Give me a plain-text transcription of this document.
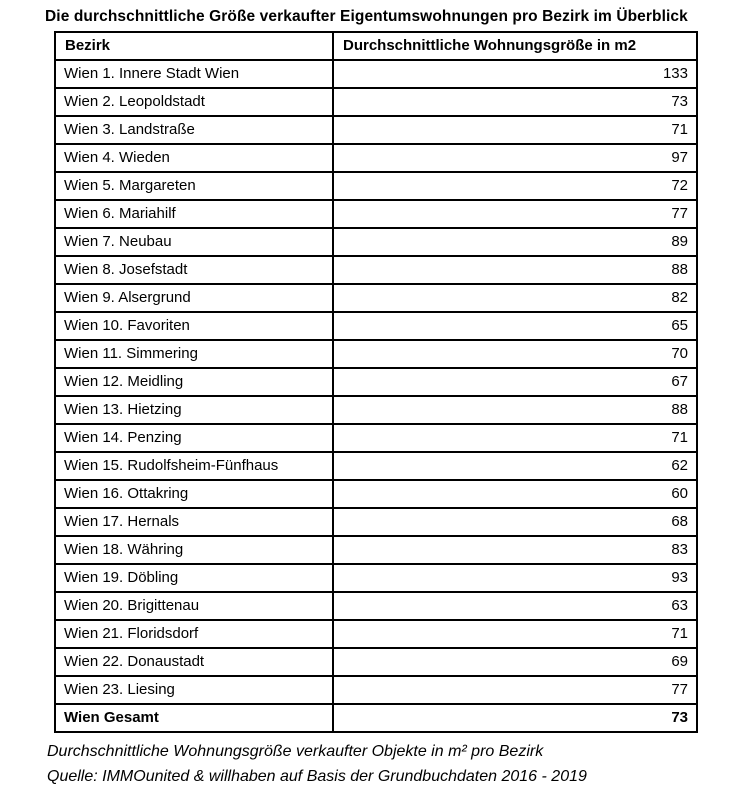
Die durchschnittliche Größe verkaufter Eigentumswohnungen pro Bezirk im Überblick
Bezirk	Durchschnittliche Wohnungsgröße in m2
Wien 1. Innere Stadt Wien	133
Wien 2. Leopoldstadt	73
Wien 3. Landstraße	71
Wien 4. Wieden	97
Wien 5. Margareten	72
Wien 6. Mariahilf	77
Wien 7. Neubau	89
Wien 8. Josefstadt	88
Wien 9. Alsergrund	82
Wien 10. Favoriten	65
Wien 11. Simmering	70
Wien 12. Meidling	67
Wien 13. Hietzing	88
Wien 14. Penzing	71
Wien 15. Rudolfsheim-Fünfhaus	62
Wien 16. Ottakring	60
Wien 17. Hernals	68
Wien 18. Währing	83
Wien 19. Döbling	93
Wien 20. Brigittenau	63
Wien 21. Floridsdorf	71
Wien 22. Donaustadt	69
Wien 23. Liesing	77
Wien Gesamt	73
Durchschnittliche Wohnungsgröße verkaufter Objekte in m² pro Bezirk
Quelle: IMMOunited & willhaben auf Basis der Grundbuchdaten 2016 - 2019
